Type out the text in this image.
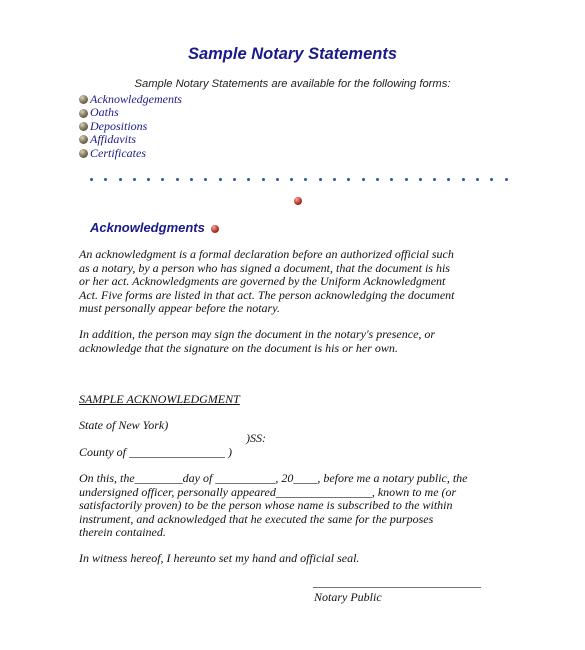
Sample Notary Statements
Sample Notary Statements are available for the following forms:
Acknowledgements
Oaths
Depositions
Affidavits
Certificates
Acknowledgments
An acknowledgment is a formal declaration before an authorized official such
as a notary, by a person who has signed a document, that the document is his
or her act. Acknowledgments are governed by the Uniform Acknowledgment
Act. Five forms are listed in that act. The person acknowledging the document
must personally appear before the notary.
In addition, the person may sign the document in the notary's presence, or
acknowledge that the signature on the document is his or her own.
SAMPLE ACKNOWLEDGMENT
State of New York)
)SS:
County of ________________ )
On this, the________day of __________, 20____, before me a notary public, the
undersigned officer, personally appeared________________, known to me (or
satisfactorily proven) to be the person whose name is subscribed to the within
instrument, and acknowledged that he executed the same for the purposes
therein contained.
In witness hereof, I hereunto set my hand and official seal.
____________________________
Notary Public
